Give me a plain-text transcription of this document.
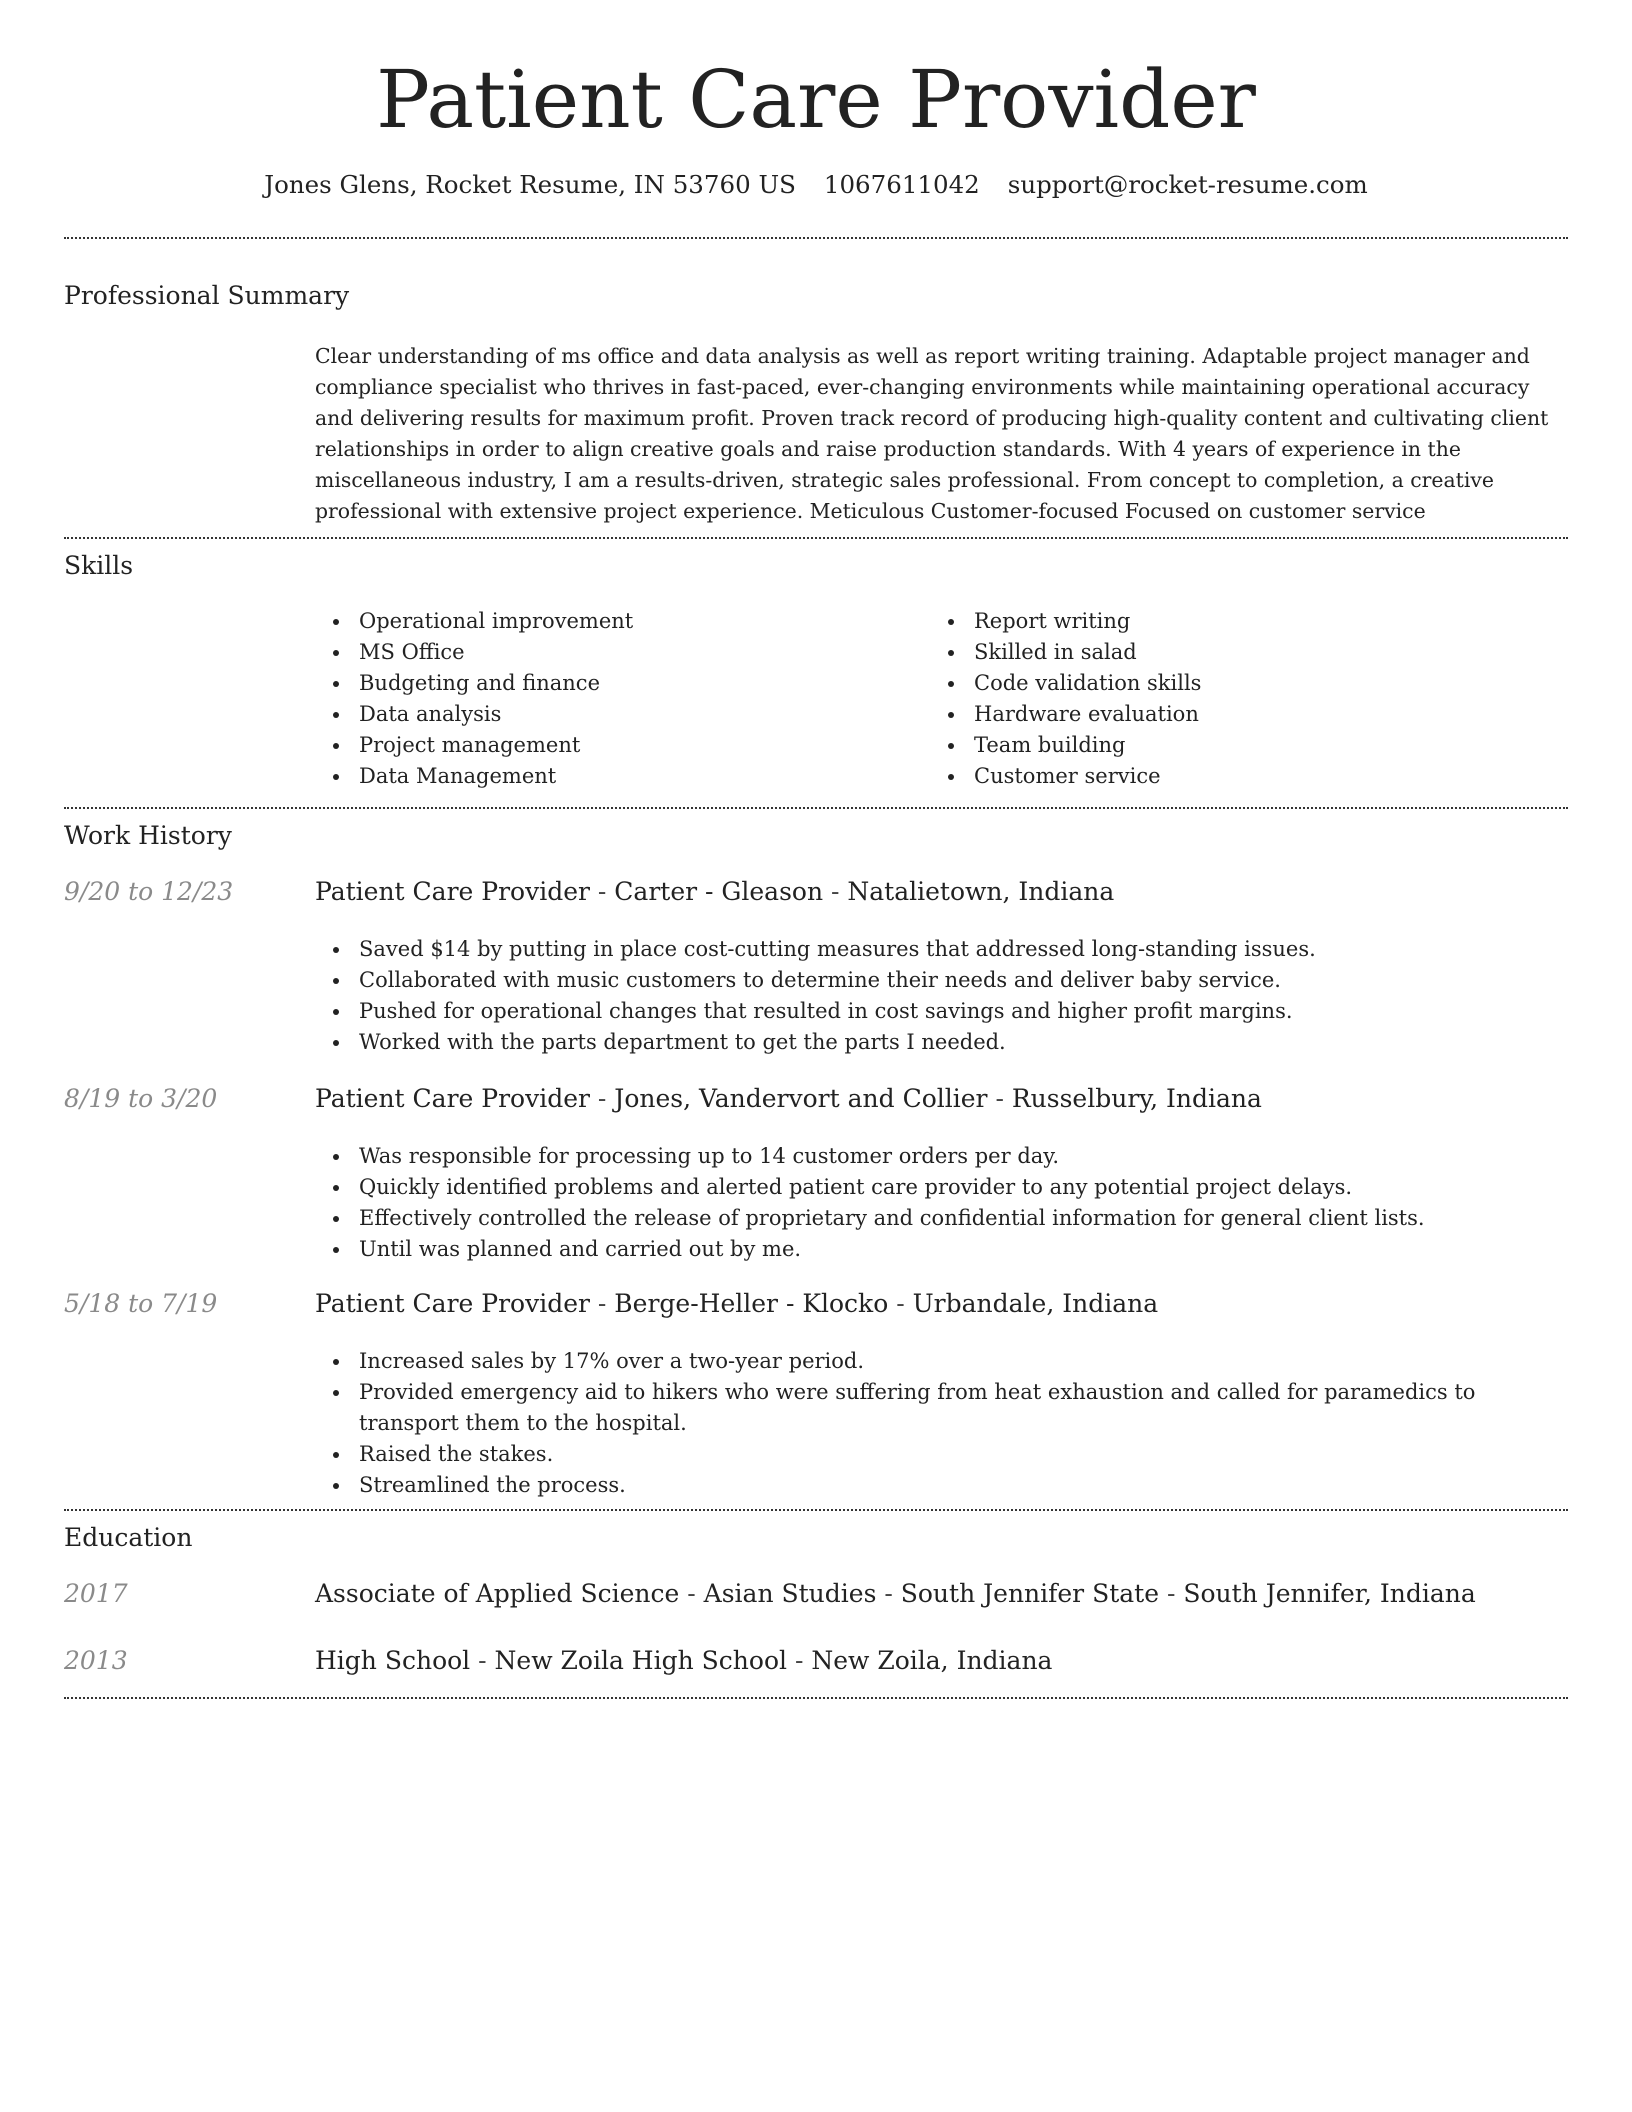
Patient Care Provider
Jones Glens, Rocket Resume, IN 53760 US 1067611042 support@rocket-resume.com
Professional Summary
Clear understanding of ms office and data analysis as well as report writing training. Adaptable project manager and compliance specialist who thrives in fast-paced, ever-changing environments while maintaining operational accuracy and delivering results for maximum profit. Proven track record of producing high-quality content and cultivating client relationships in order to align creative goals and raise production standards. With 4 years of experience in the miscellaneous industry, I am a results-driven, strategic sales professional. From concept to completion, a creative professional with extensive project experience. Meticulous Customer-focused Focused on customer service
Skills
Operational improvement
MS Office
Budgeting and finance
Data analysis
Project management
Data Management
Report writing
Skilled in salad
Code validation skills
Hardware evaluation
Team building
Customer service
Work History
9/20 to 12/23	Patient Care Provider - Carter - Gleason - Natalietown, Indiana
Saved $14 by putting in place cost-cutting measures that addressed long-standing issues.
Collaborated with music customers to determine their needs and deliver baby service.
Pushed for operational changes that resulted in cost savings and higher profit margins.
Worked with the parts department to get the parts I needed.
8/19 to 3/20	Patient Care Provider - Jones, Vandervort and Collier - Russelbury, Indiana
Was responsible for processing up to 14 customer orders per day.
Quickly identified problems and alerted patient care provider to any potential project delays.
Effectively controlled the release of proprietary and confidential information for general client lists.
Until was planned and carried out by me.
5/18 to 7/19	Patient Care Provider - Berge-Heller - Klocko - Urbandale, Indiana
Increased sales by 17% over a two-year period.
Provided emergency aid to hikers who were suffering from heat exhaustion and called for paramedics to transport them to the hospital.
Raised the stakes.
Streamlined the process.
Education
2017	Associate of Applied Science - Asian Studies - South Jennifer State - South Jennifer, Indiana
2013	High School - New Zoila High School - New Zoila, Indiana
